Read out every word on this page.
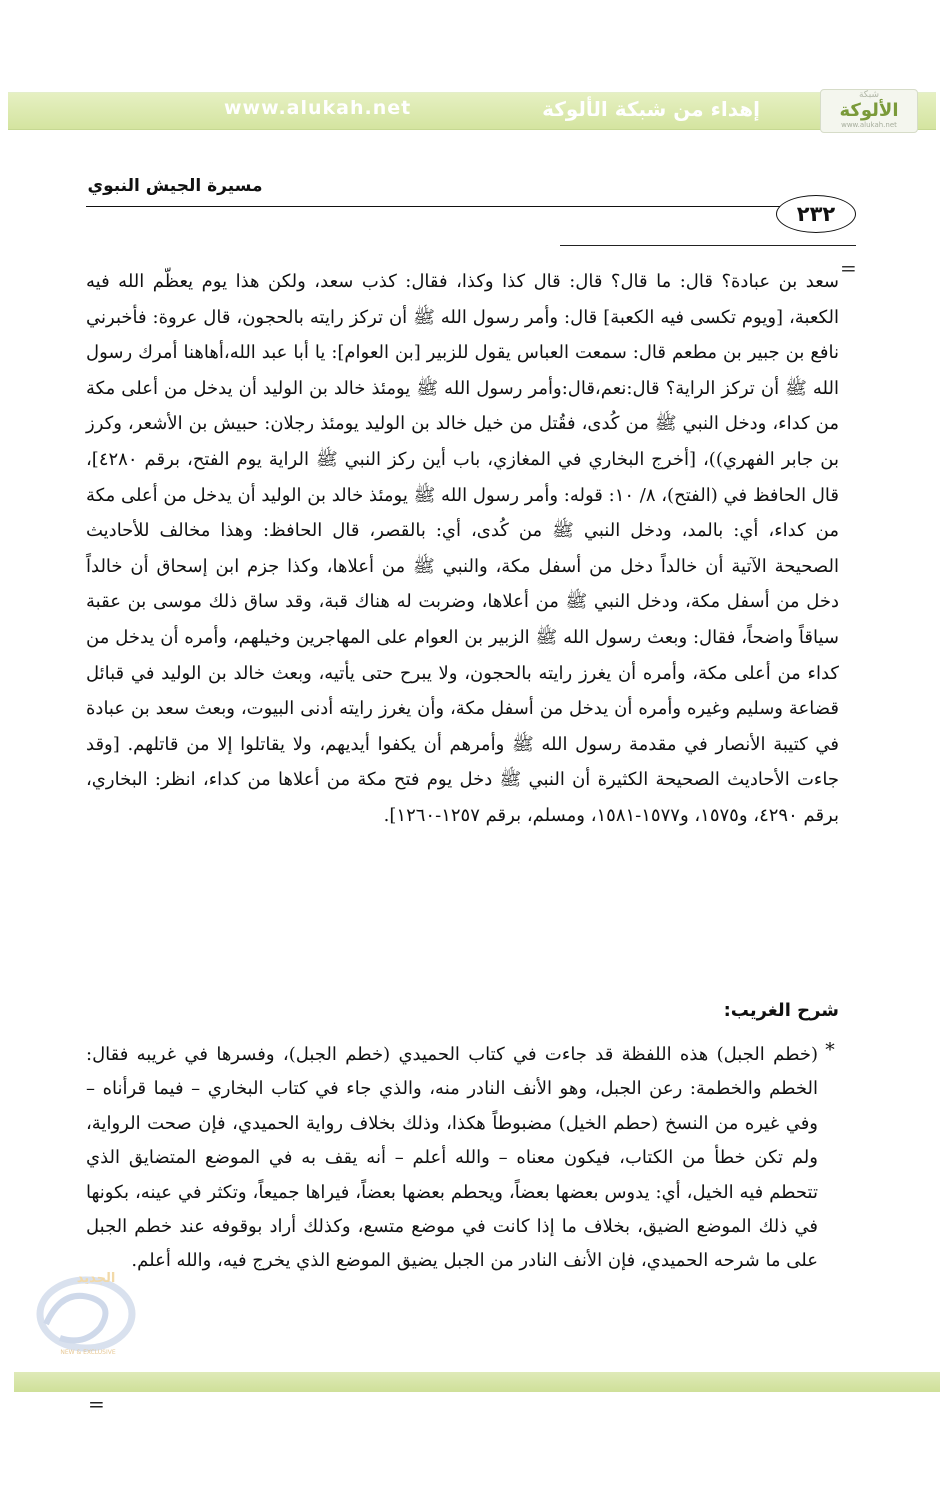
شبكة
الألوكة
www.alukah.net
إهداء من شبكة الألوكة
www.alukah.net
مسيرة الجيش النبوي
٢٣٢
=

سعد بن عبادة؟ قال: ما قال؟ قال: قال كذا وكذا، فقال: كذب سعد، ولكن هذا يوم يعظّم الله فيه الكعبة، [ويوم تكسى فيه الكعبة] قال: وأمر رسول الله ﷺ أن تركز رايته بالحجون، قال عروة: فأخبرني نافع بن جبير بن مطعم قال: سمعت العباس يقول للزبير [بن العوام]: يا أبا عبد الله،أهاهنا أمرك رسول الله ﷺ أن تركز الراية؟ قال:نعم،قال:وأمر رسول الله ﷺ يومئذ خالد بن الوليد أن يدخل من أعلى مكة من كداء، ودخل النبي ﷺ من كُدى، فقُتل من خيل خالد بن الوليد يومئذ رجلان: حبيش بن الأشعر، وكرز بن جابر الفهري))، [أخرج البخاري في المغازي، باب أين ركز النبي ﷺ الراية يوم الفتح، برقم ٤٢٨٠]، قال الحافظ في (الفتح)، ٨/ ١٠: قوله: وأمر رسول الله ﷺ يومئذ خالد بن الوليد أن يدخل من أعلى مكة من كداء، أي: بالمد، ودخل النبي ﷺ من كُدى، أي: بالقصر، قال الحافظ: وهذا مخالف للأحاديث الصحيحة الآتية أن خالداً دخل من أسفل مكة، والنبي ﷺ من أعلاها، وكذا جزم ابن إسحاق أن خالداً دخل من أسفل مكة، ودخل النبي ﷺ من أعلاها، وضربت له هناك قبة، وقد ساق ذلك موسى بن عقبة سياقاً واضحاً، فقال: وبعث رسول الله ﷺ الزبير بن العوام على المهاجرين وخيلهم، وأمره أن يدخل من كداء من أعلى مكة، وأمره أن يغرز رايته بالحجون، ولا يبرح حتى يأتيه، وبعث خالد بن الوليد في قبائل قضاعة وسليم وغيره وأمره أن يدخل من أسفل مكة، وأن يغرز رايته أدنى البيوت، وبعث سعد بن عبادة في كتيبة الأنصار في مقدمة رسول الله ﷺ وأمرهم أن يكفوا أيديهم، ولا يقاتلوا إلا من قاتلهم. [وقد جاءت الأحاديث الصحيحة الكثيرة أن النبي ﷺ دخل يوم فتح مكة من أعلاها من كداء، انظر: البخاري، برقم ٤٢٩٠، و١٥٧٥، و١٥٧٧-١٥٨١، ومسلم، برقم ١٢٥٧-١٢٦٠].

شرح الغريب:
*

(خطم الجبل) هذه اللفظة قد جاءت في كتاب الحميدي (خطم الجبل)، وفسرها في غريبه فقال: الخطم والخطمة: رعن الجبل، وهو الأنف النادر منه، والذي جاء في كتاب البخاري – فيما قرأناه – وفي غيره من النسخ (حطم الخيل) مضبوطاً هكذا، وذلك بخلاف رواية الحميدي، فإن صحت الرواية، ولم تكن خطأ من الكتاب، فيكون معناه – والله أعلم – أنه يقف به في الموضع المتضايق الذي تتحطم فيه الخيل، أي: يدوس بعضها بعضاً، ويحطم بعضها بعضاً، فيراها جميعاً، وتكثر في عينه، بكونها في ذلك الموضع الضيق، بخلاف ما إذا كانت في موضع متسع، وكذلك أراد بوقوفه عند خطم الجبل على ما شرحه الحميدي، فإن الأنف النادر من الجبل يضيق الموضع الذي يخرج فيه، والله أعلم.

الجديد
NEW & EXCLUSIVE
=
